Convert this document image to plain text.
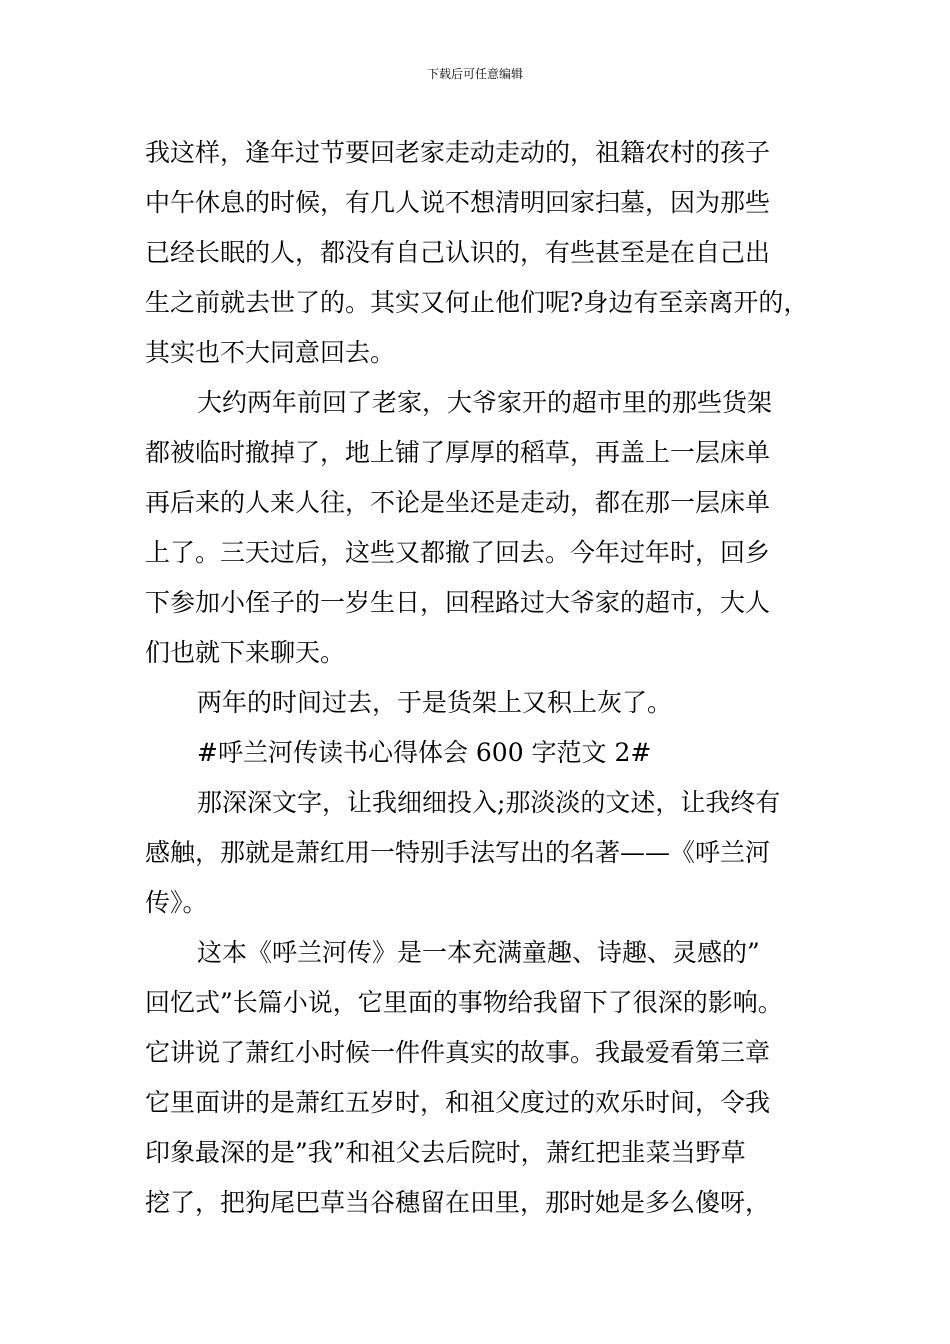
下载后可任意编辑
我这样，逢年过节要回老家走动走动的，祖籍农村的孩子
中午休息的时候，有几人说不想清明回家扫墓，因为那些
已经长眠的人，都没有自己认识的，有些甚至是在自己出
生之前就去世了的。其实又何止他们呢?身边有至亲离开的，
其实也不大同意回去。
大约两年前回了老家，大爷家开的超市里的那些货架
都被临时撤掉了，地上铺了厚厚的稻草，再盖上一层床单
再后来的人来人往，不论是坐还是走动，都在那一层床单
上了。三天过后，这些又都撤了回去。今年过年时，回乡
下参加小侄子的一岁生日，回程路过大爷家的超市，大人
们也就下来聊天。
两年的时间过去，于是货架上又积上灰了。
#呼兰河传读书心得体会 600 字范文 2#
那深深文字，让我细细投入;那淡淡的文述，让我终有
感触，那就是萧红用一特别手法写出的名著——《呼兰河
传》。
这本《呼兰河传》是一本充满童趣、诗趣、灵感的”
回忆式”长篇小说，它里面的事物给我留下了很深的影响。
它讲说了萧红小时候一件件真实的故事。我最爱看第三章
它里面讲的是萧红五岁时，和祖父度过的欢乐时间，令我
印象最深的是”我”和祖父去后院时，萧红把韭菜当野草
挖了，把狗尾巴草当谷穗留在田里，那时她是多么傻呀，
